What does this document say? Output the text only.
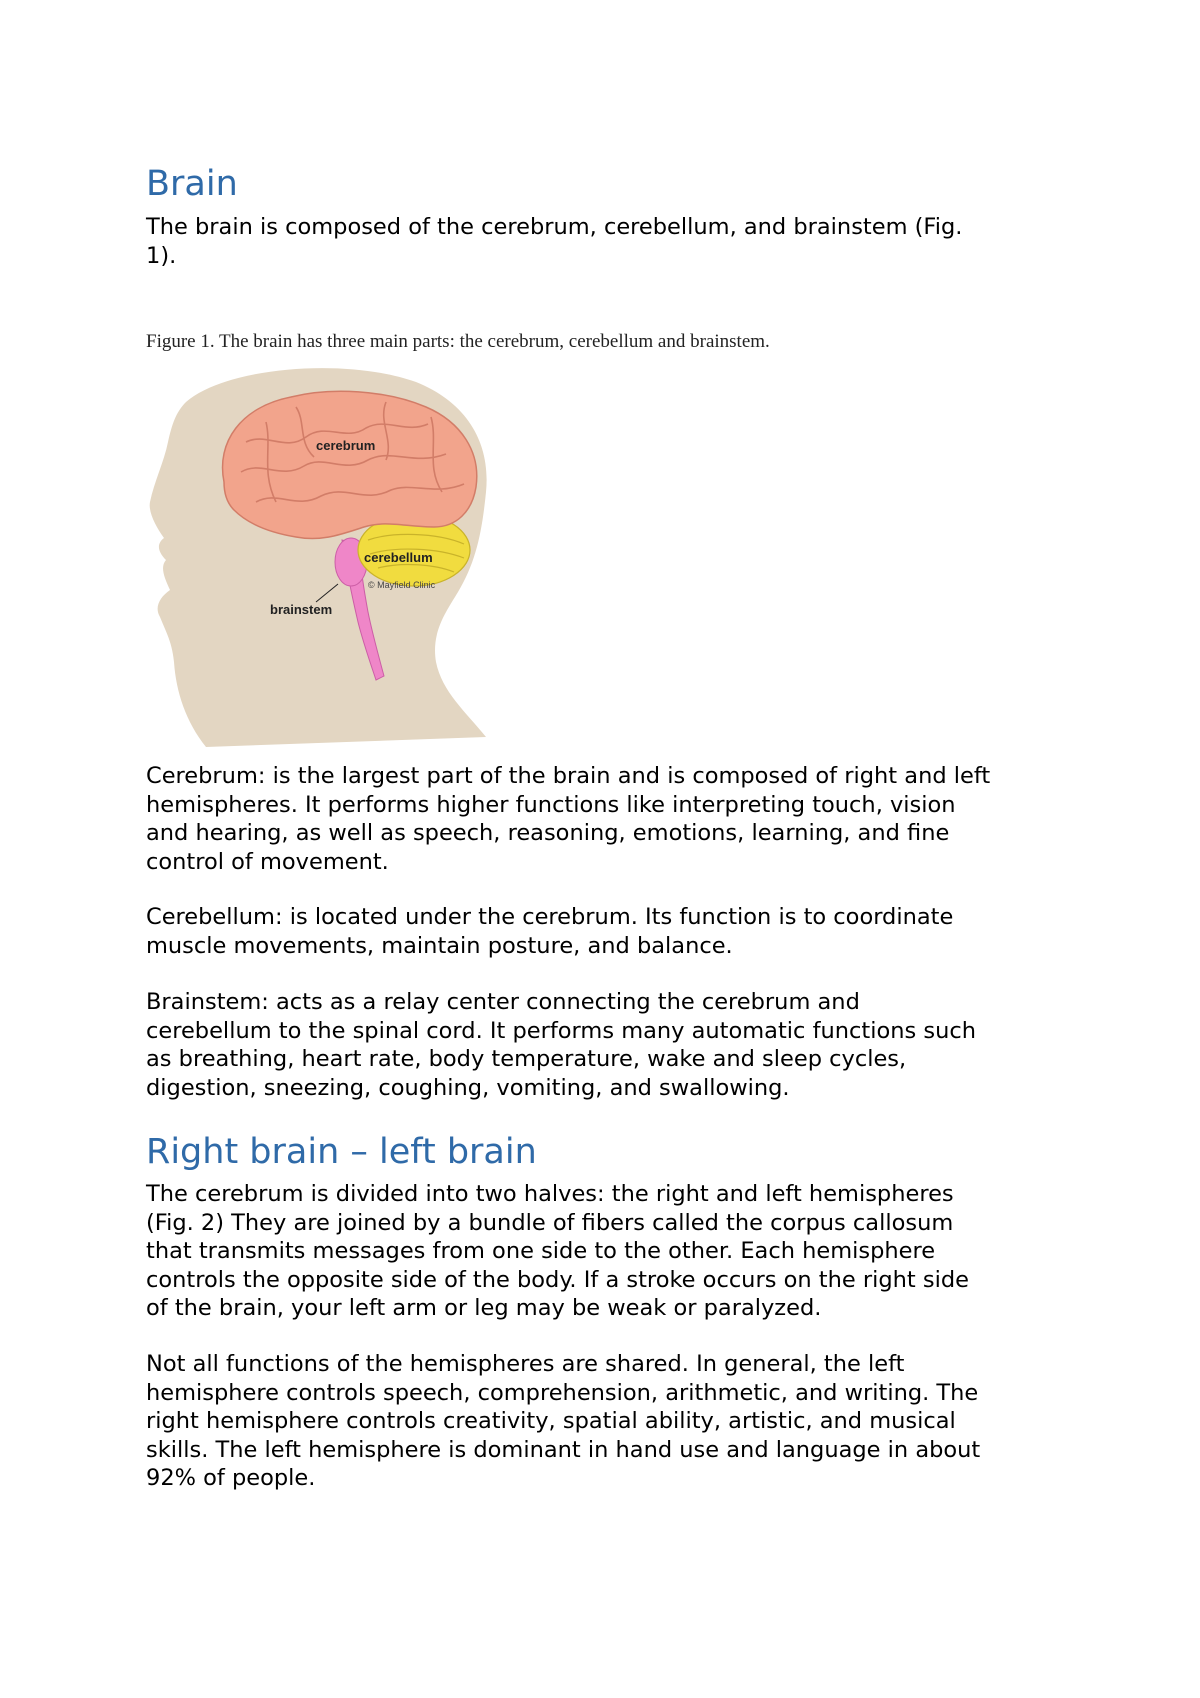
Brain

The brain is composed of the cerebrum, cerebellum, and brainstem (Fig.
1).

Figure 1. The brain has three main parts: the cerebrum, cerebellum and brainstem.
cerebrum
cerebellum
© Mayfield Clinic
brainstem

Cerebrum: is the largest part of the brain and is composed of right and left
hemispheres. It performs higher functions like interpreting touch, vision
and hearing, as well as speech, reasoning, emotions, learning, and fine
control of movement.

Cerebellum: is located under the cerebrum. Its function is to coordinate
muscle movements, maintain posture, and balance.

Brainstem: acts as a relay center connecting the cerebrum and
cerebellum to the spinal cord. It performs many automatic functions such
as breathing, heart rate, body temperature, wake and sleep cycles,
digestion, sneezing, coughing, vomiting, and swallowing.

Right brain – left brain

The cerebrum is divided into two halves: the right and left hemispheres
(Fig. 2) They are joined by a bundle of fibers called the corpus callosum
that transmits messages from one side to the other. Each hemisphere
controls the opposite side of the body. If a stroke occurs on the right side
of the brain, your left arm or leg may be weak or paralyzed.

Not all functions of the hemispheres are shared. In general, the left
hemisphere controls speech, comprehension, arithmetic, and writing. The
right hemisphere controls creativity, spatial ability, artistic, and musical
skills. The left hemisphere is dominant in hand use and language in about
92% of people.
